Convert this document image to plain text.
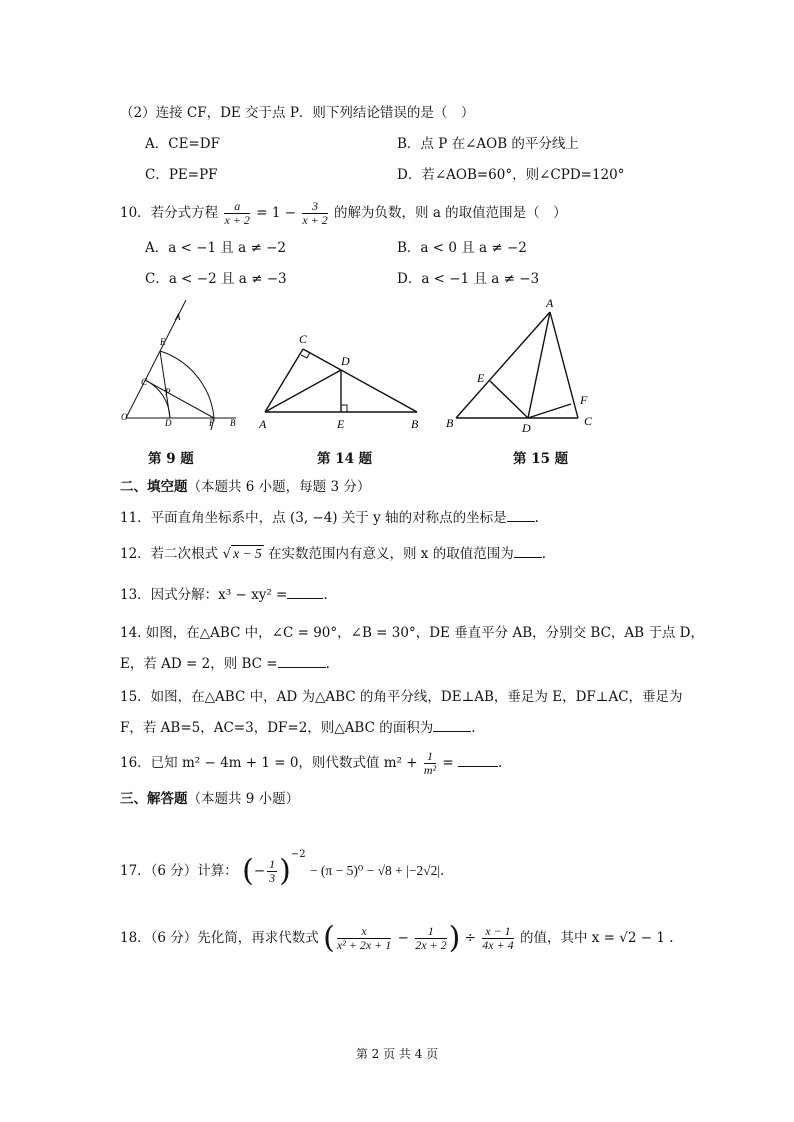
（2）连接 CF，DE 交于点 P．则下列结论错误的是（　）
A．CE=DF	B．点 P 在∠AOB 的平分线上
C．PE=PF	D．若∠AOB=60°，则∠CPD=120°
10．若分式方程 $\frac{a}{x + 2} = 1 - \frac{3}{x + 2}$ 的解为负数，则 a 的取值范围是（　）
A．a < −1 且 a ≠ −2	B．a < 0 且 a ≠ −2
C．a < −2 且 a ≠ −3	D．a < −1 且 a ≠ −3
A
E
C
P
O
D	F B
C
D
A	E	B
A
E
F
B	D	C
第 9 题	第 14 题	第 15 题
二、填空题（本题共 6 小题，每题 3 分）
11．平面直角坐标系中，点 (3, −4) 关于 y 轴的对称点的坐标是 .
12．若二次根式 √ x − 5 在实数范围内有意义，则 x 的取值范围为 .
13．因式分解：x³ − xy² =	.
14. 如图，在△ABC 中，∠C = 90°，∠B = 30°，DE 垂直平分 AB，分别交 BC，AB 于点 D，
E，若 AD = 2，则 BC =	.
15．如图，在△ABC 中，AD 为△ABC 的角平分线，DE⊥AB，垂足为 E，DF⊥AC，垂足为
F，若 AB=5，AC=3，DF=2，则△ABC 的面积为	.
16．已知 m² − 4m + 1 = 0，则代数式值 $m^2 + \frac{1}{\text{m²}}$ =	.
三、解答题（本题共 9 小题）
17．（6 分）计算： (− $\frac{1}{3} )^{-2} - (\pi - 5)^0 - √8 + |-2√2|$.
18．（6 分）先化简，再求代数式 ( $\frac{x}{\text{x² + 2x + 1}} - \frac{1}{2x + 2}$ ) ÷ $\frac{x - 1}{4x + 4}$ 的值，其中 x = √2 − 1 .
第 2 页 共 4 页
